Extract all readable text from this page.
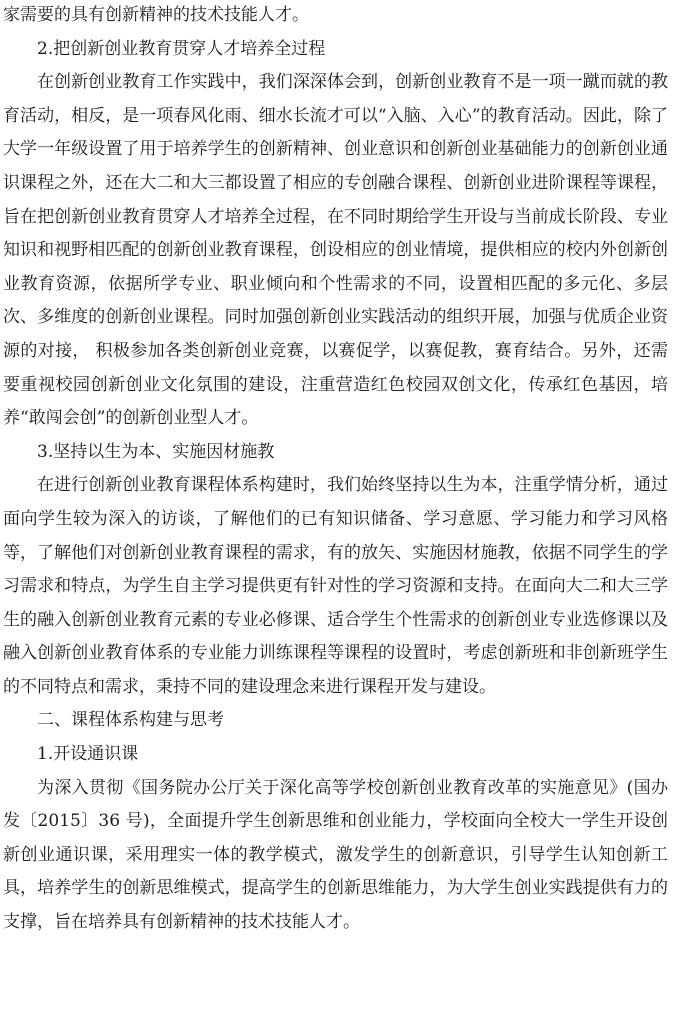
家需要的具有创新精神的技术技能人才。

2.把创新创业教育贯穿人才培养全过程

在创新创业教育工作实践中，我们深深体会到，创新创业教育不是一项一蹴而就的教育活动，相反，是一项春风化雨、细水长流才可以“入脑、入心”的教育活动。因此，除了大学一年级设置了用于培养学生的创新精神、创业意识和创新创业基础能力的创新创业通识课程之外，还在大二和大三都设置了相应的专创融合课程、创新创业进阶课程等课程，旨在把创新创业教育贯穿人才培养全过程，在不同时期给学生开设与当前成长阶段、专业知识和视野相匹配的创新创业教育课程，创设相应的创业情境，提供相应的校内外创新创业教育资源，依据所学专业、职业倾向和个性需求的不同，设置相匹配的多元化、多层次、多维度的创新创业课程。同时加强创新创业实践活动的组织开展，加强与优质企业资源的对接， 积极参加各类创新创业竞赛，以赛促学，以赛促教，赛育结合。另外，还需要重视校园创新创业文化氛围的建设，注重营造红色校园双创文化，传承红色基因，培养“敢闯会创”的创新创业型人才。

3.坚持以生为本、实施因材施教

在进行创新创业教育课程体系构建时，我们始终坚持以生为本，注重学情分析，通过面向学生较为深入的访谈，了解他们的已有知识储备、学习意愿、学习能力和学习风格等，了解他们对创新创业教育课程的需求，有的放矢、实施因材施教，依据不同学生的学习需求和特点，为学生自主学习提供更有针对性的学习资源和支持。在面向大二和大三学生的融入创新创业教育元素的专业必修课、适合学生个性需求的创新创业专业选修课以及融入创新创业教育体系的专业能力训练课程等课程的设置时，考虑创新班和非创新班学生的不同特点和需求，秉持不同的建设理念来进行课程开发与建设。

二、课程体系构建与思考

1.开设通识课

为深入贯彻《国务院办公厅关于深化高等学校创新创业教育改革的实施意见》(国办发〔2015〕36 号)，全面提升学生创新思维和创业能力，学校面向全校大一学生开设创新创业通识课，采用理实一体的教学模式，激发学生的创新意识，引导学生认知创新工具，培养学生的创新思维模式，提高学生的创新思维能力，为大学生创业实践提供有力的支撑，旨在培养具有创新精神的技术技能人才。
